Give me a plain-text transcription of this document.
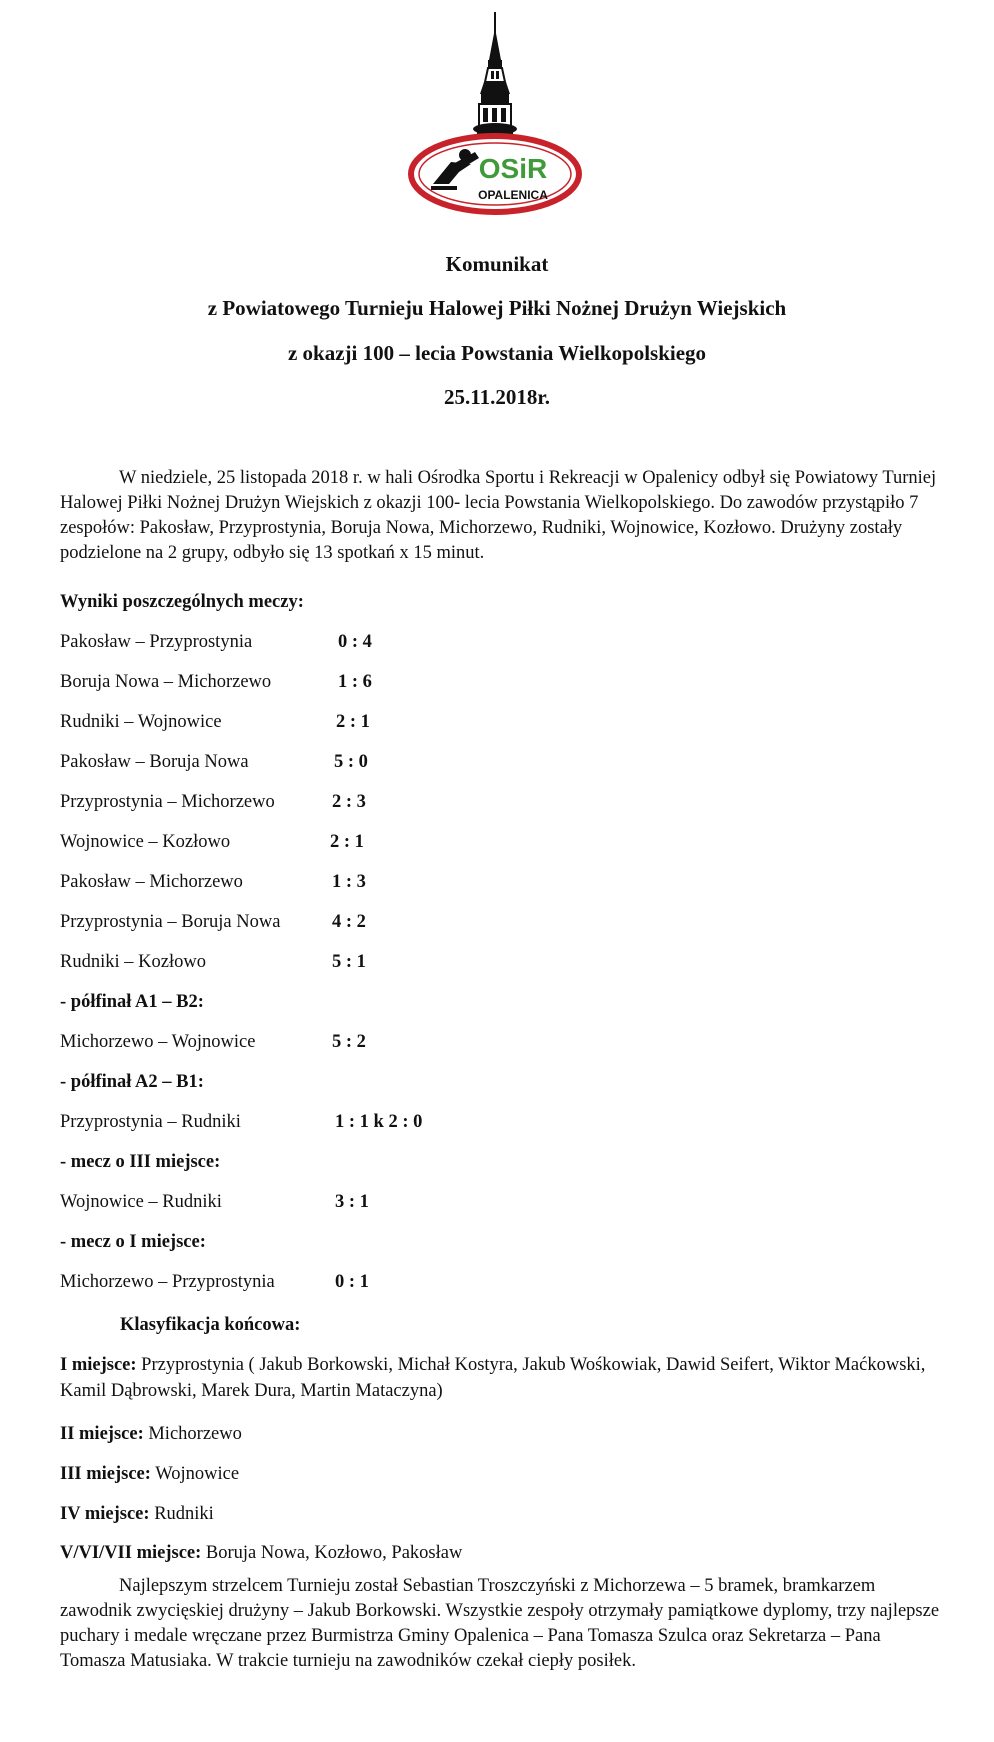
OSiR
OPALENICA
Komunikat
z Powiatowego Turnieju Halowej Piłki Nożnej Drużyn Wiejskich
z okazji 100 – lecia Powstania Wielkopolskiego
25.11.2018r.

W niedziele, 25 listopada 2018 r. w hali Ośrodka Sportu i Rekreacji w Opalenicy odbył się Powiatowy Turniej Halowej Piłki Nożnej Drużyn Wiejskich z okazji 100- lecia Powstania Wielkopolskiego. Do zawodów przystąpiło 7 zespołów: Pakosław, Przyprostynia, Boruja Nowa, Michorzewo, Rudniki, Wojnowice, Kozłowo. Drużyny zostały podzielone na 2 grupy, odbyło się 13 spotkań x 15 minut.

Wyniki poszczególnych meczy:
Pakosław – Przyprostynia	0 : 4
Boruja Nowa – Michorzewo	1 : 6
Rudniki – Wojnowice	2 : 1
Pakosław – Boruja Nowa	5 : 0
Przyprostynia – Michorzewo	2 : 3
Wojnowice – Kozłowo	2 : 1
Pakosław – Michorzewo	1 : 3
Przyprostynia – Boruja Nowa	4 : 2
Rudniki – Kozłowo	5 : 1
- półfinał A1 – B2:
Michorzewo – Wojnowice	5 : 2
- półfinał A2 – B1:
Przyprostynia – Rudniki	1 : 1 k 2 : 0
- mecz o III miejsce:
Wojnowice – Rudniki	3 : 1
- mecz o I miejsce:
Michorzewo – Przyprostynia	0 : 1
Klasyfikacja końcowa:
I miejsce: Przyprostynia ( Jakub Borkowski, Michał Kostyra, Jakub Wośkowiak, Dawid Seifert, Wiktor Maćkowski, Kamil Dąbrowski, Marek Dura, Martin Mataczyna)
II miejsce: Michorzewo
III miejsce: Wojnowice
IV miejsce: Rudniki
V/VI/VII miejsce: Boruja Nowa, Kozłowo, Pakosław

Najlepszym strzelcem Turnieju został Sebastian Troszczyński z Michorzewa – 5 bramek, bramkarzem zawodnik zwycięskiej drużyny – Jakub Borkowski. Wszystkie zespoły otrzymały pamiątkowe dyplomy, trzy najlepsze puchary i medale wręczane przez Burmistrza Gminy Opalenica – Pana Tomasza Szulca oraz Sekretarza – Pana Tomasza Matusiaka. W trakcie turnieju na zawodników czekał ciepły posiłek.
